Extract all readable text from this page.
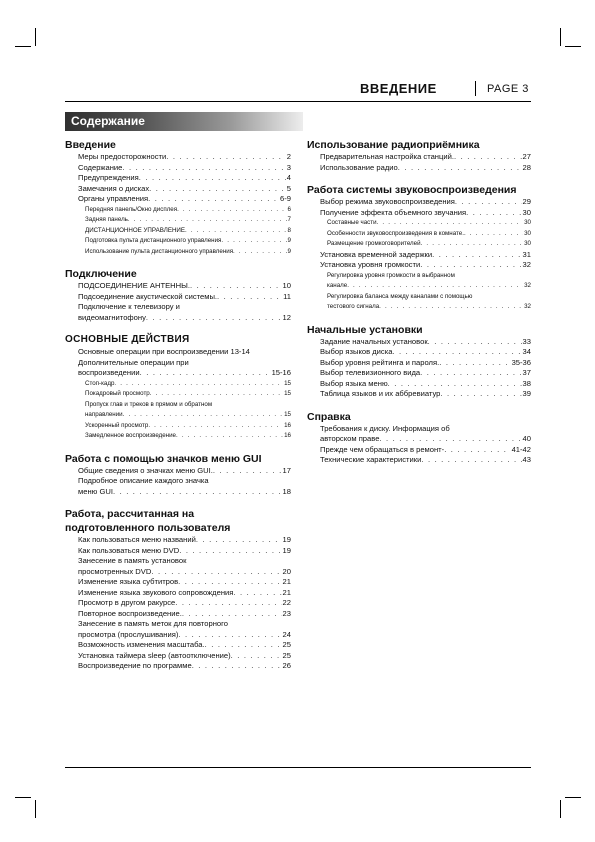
ВВЕДЕНИЕ	PAGE 3
Содержание
Введение
Меры предосторожности . . .	2
Содержание . . .	3
Предупреждения . . .	4
Замечания о дисках . . .	5
Органы управления . . .	6-9
Передняя панель/Окно дисплея . . .	6
Задняя панель . . .	7
ДИСТАНЦИОННОЕ УПРАВЛЕНИЕ . . .	8
Подготовка пульта дистанционного управления . . .	9
Использование пульта дистанционного управления . . .	9
Подключение
ПОДСОЕДИНЕНИЕ АНТЕННЫ. . . .	10
Подсоединение акустической системы. . . .	11
Подключение к телевизору и
видеомагнитофону . . .	12
ОСНОВНЫЕ ДЕЙСТВИЯ
Основные операции при воспроизведении 13-14
Дополнительные операции при
воспроизведении . . .	15-16
Стоп-кадр . . .	15
Покадровый просмотр . . .	15
Пропуск глав и треков в прямом и обратном
направлении . . .	15
Ускоренный просмотр . . .	16
Замедленное воспроизведение . . .	16
Работа с помощью значков меню GUI
Общие сведения о значках меню GUI. . . .	17
Подробное описание каждого значка
меню GUI . . .	18
Работа, рассчитанная на
подготовленного пользователя
Как пользоваться меню названий . . .	19
Как пользоваться меню DVD . . .	19
Занесение в память установок
просмотренных DVD . . .	20
Изменение языка субтитров . . .	21
Изменение языка звукового сопровождения . . .	21
Просмотр в другом ракурсе . . .	22
Повторное воспроизведение. . . .	23
Занесение в память меток для повторного
просмотра (прослушивания) . . .	24
Возможность изменения масштаба. . . .	25
Установка таймера sleep (автоотключение) . . .	25
Воспроизведение по программе . . .	26
Использование радиоприёмника
Предварительная настройка станций. . . .	27
Использование радио . . .	28
Работа системы звуковоспроизведения
Выбор режима звуковоспроизведения . . .	29
Получение эффекта объемного звучания . . .	30
Составные части . . .	30
Особенности звуковоспроизведения в комнате. . . .	30
Размещение громкоговорителей . . .	30
Установка временной задержки . . .	31
Установка уровня громкости . . .	32
Регулировка уровня громкости в выбранном
канале . . .	32
Регулировка баланса между каналами с помощью
тестового сигнала . . .	32
Начальные установки
Задание начальных установок . . .	33
Выбор языков диска . . .	34
Выбор уровня рейтинга и пароля. . . .	35-36
Выбор телевизионного вида . . .	37
Выбор языка меню . . .	38
Таблица языков и их аббревиатур . . .	39
Справка
Требования к диску. Информация об
авторском праве . . .	40
Прежде чем обращаться в ремонт- . . .	41-42
Технические характеристики . . .	43
